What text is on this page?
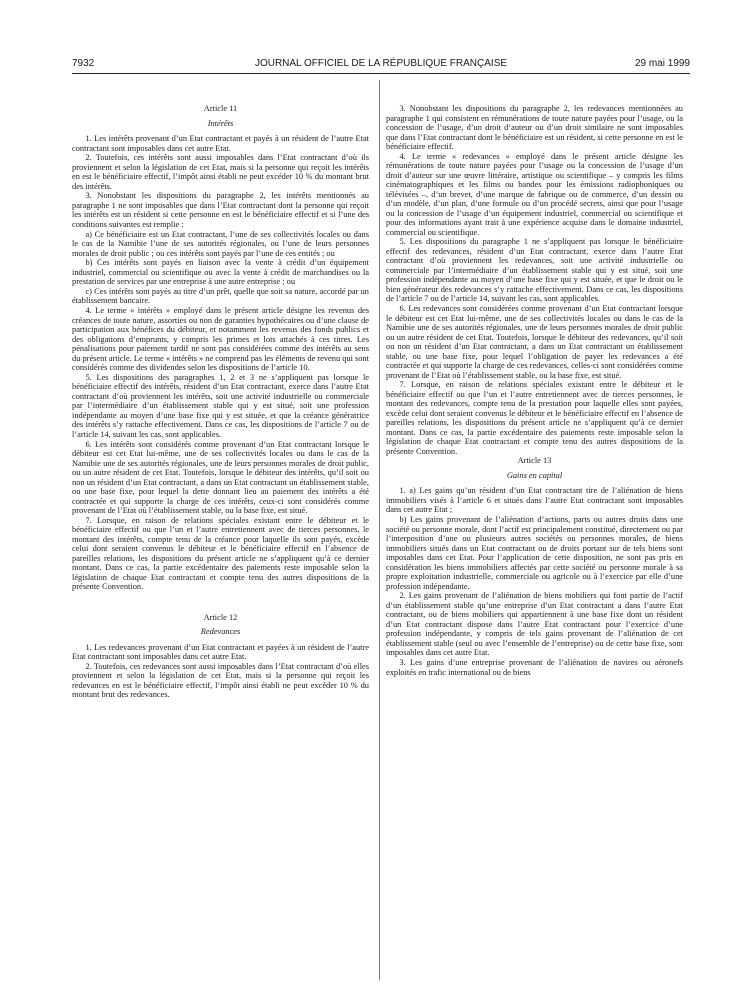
7932	JOURNAL OFFICIEL DE LA RÉPUBLIQUE FRANÇAISE	29 mai 1999
Article 11
Intérêts

1. Les intérêts provenant d’un Etat contractant et payés à un résident de l’autre Etat contractant sont imposables dans cet autre Etat.

2. Toutefois, ces intérêts sont aussi imposables dans l’Etat contractant d’où ils proviennent et selon la législation de cet Etat, mais si la personne qui reçoit les intérêts en est le bénéficiaire effectif, l’impôt ainsi établi ne peut excéder 10 % du montant brut des intérêts.

3. Nonobstant les dispositions du paragraphe 2, les intérêts mentionnés au paragraphe 1 ne sont imposables que dans l’Etat contractant dont la personne qui reçoit les intérêts est un résident si cette personne en est le bénéficiaire effectif et si l’une des conditions suivantes est remplie :

a) Ce bénéficiaire est un Etat contractant, l’une de ses collectivités locales ou dans le cas de la Namibie l’une de ses autorités régionales, ou l’une de leurs personnes morales de droit public ; ou ces intérêts sont payés par l’une de ces entités ; ou

b) Ces intérêts sont payés en liaison avec la vente à crédit d’un équipement industriel, commercial ou scientifique ou avec la vente à crédit de marchandises ou la prestation de services par une entreprise à une autre entreprise ; ou

c) Ces intérêts sont payés au titre d’un prêt, quelle que soit sa nature, accordé par un établissement bancaire.

4. Le terme « intérêts » employé dans le présent article désigne les revenus des créances de toute nature, assorties ou non de garanties hypothécaires ou d’une clause de participation aux bénéfices du débiteur, et notamment les revenus des fonds publics et des obligations d’emprunts, y compris les primes et lots attachés à ces titres. Les pénalisations pour paiement tardif ne sont pas considérées comme des intérêts au sens du présent article. Le terme « intérêts » ne comprend pas les éléments de revenu qui sont considérés comme des dividendes selon les dispositions de l’article 10.

5. Les dispositions des paragraphes 1, 2 et 3 ne s’appliquent pas lorsque le bénéficiaire effectif des intérêts, résident d’un Etat contractant, exerce dans l’autre Etat contractant d’où proviennent les intérêts, soit une activité industrielle ou commerciale par l’intermédiaire d’un établissement stable qui y est situé, soit une profession indépendante au moyen d’une base fixe qui y est située, et que la créance génératrice des intérêts s’y rattache effectivement. Dans ce cas, les dispositions de l’article 7 ou de l’article 14, suivant les cas, sont applicables.

6. Les intérêts sont considérés comme provenant d’un Etat contractant lorsque le débiteur est cet Etat lui-même, une de ses collectivités locales ou dans le cas de la Namibie une de ses autorités régionales, une de leurs personnes morales de droit public, ou un autre résident de cet Etat. Toutefois, lorsque le débiteur des intérêts, qu’il soit ou non un résident d’un Etat contractant, a dans un Etat contractant un établissement stable, ou une base fixe, pour lequel la dette donnant lieu au paiement des intérêts a été contractée et qui supporte la charge de ces intérêts, ceux-ci sont considérés comme provenant de l’Etat où l’établissement stable, ou la base fixe, est situé.

7. Lorsque, en raison de relations spéciales existant entre le débiteur et le bénéficiaire effectif ou que l’un et l’autre entretiennent avec de tierces personnes, le montant des intérêts, compte tenu de la créance pour laquelle ils sont payés, excède celui dont seraient convenus le débiteur et le bénéficiaire effectif en l’absence de pareilles relations, les dispositions du présent article ne s’appliquent qu’à ce dernier montant. Dans ce cas, la partie excédentaire des paiements reste imposable selon la législation de chaque Etat contractant et compte tenu des autres dispositions de la présente Convention.

Article 12
Redevances

1. Les redevances provenant d’un Etat contractant et payées à un résident de l’autre Etat contractant sont imposables dans cet autre Etat.

2. Toutefois, ces redevances sont aussi imposables dans l’Etat contractant d’où elles proviennent et selon la législation de cet Etat, mais si la personne qui reçoit les redevances en est le bénéficiaire effectif, l’impôt ainsi établi ne peut excéder 10 % du montant brut des redevances.

3. Nonobstant les dispositions du paragraphe 2, les redevances mentionnées au paragraphe 1 qui consistent en rémunérations de toute nature payées pour l’usage, ou la concession de l’usage, d’un droit d’auteur ou d’un droit similaire ne sont imposables que dans l’Etat contractant dont le bénéficiaire est un résident, si cette personne en est le bénéficiaire effectif.

4. Le terme « redevances » employé dans le présent article désigne les rémunérations de toute nature payées pour l’usage ou la concession de l’usage d’un droit d’auteur sur une œuvre littéraire, artistique ou scientifique – y compris les films cinématographiques et les films ou bandes pour les émissions radiophoniques ou télévisées –, d’un brevet, d’une marque de fabrique ou de commerce, d’un dessin ou d’un modèle, d’un plan, d’une formule ou d’un procédé secrets, ainsi que pour l’usage ou la concession de l’usage d’un équipement industriel, commercial ou scientifique et pour des informations ayant trait à une expérience acquise dans le domaine industriel, commercial ou scientifique.

5. Les dispositions du paragraphe 1 ne s’appliquent pas lorsque le bénéficiaire effectif des redevances, résident d’un Etat contractant, exerce dans l’autre Etat contractant d’où proviennent les redevances, soit une activité industrielle ou commerciale par l’intermédiaire d’un établissement stable qui y est situé, soit une profession indépendante au moyen d’une base fixe qui y est située, et que le droit ou le bien générateur des redevances s’y rattache effectivement. Dans ce cas, les dispositions de l’article 7 ou de l’article 14, suivant les cas, sont applicables.

6. Les redevances sont considérées comme provenant d’un Etat contractant lorsque le débiteur est cet Etat lui-même, une de ses collectivités locales ou dans le cas de la Namibie une de ses autorités régionales, une de leurs personnes morales de droit public ou un autre résident de cet Etat. Toutefois, lorsque le débiteur des redevances, qu’il soit ou non un résident d’un Etat contractant, a dans un Etat contractant un établissement stable, ou une base fixe, pour lequel l’obligation de payer les redevances a été contractée et qui supporte la charge de ces redevances, celles-ci sont considérées comme provenant de l’Etat où l’établissement stable, ou la base fixe, est situé.

7. Lorsque, en raison de relations spéciales existant entre le débiteur et le bénéficiaire effectif ou que l’un et l’autre entretiennent avec de tierces personnes, le montant des redevances, compte tenu de la prestation pour laquelle elles sont payées, excède celui dont seraient convenus le débiteur et le bénéficiaire effectif en l’absence de pareilles relations, les dispositions du présent article ne s’appliquent qu’à ce dernier montant. Dans ce cas, la partie excédentaire des paiements reste imposable selon la législation de chaque Etat contractant et compte tenu des autres dispositions de la présente Convention.

Article 13
Gains en capital

1. a) Les gains qu’un résident d’un Etat contractant tire de l’aliénation de biens immobiliers visés à l’article 6 et situés dans l’autre Etat contractant sont imposables dans cet autre Etat ;

b) Les gains provenant de l’aliénation d’actions, parts ou autres droits dans une société ou personne morale, dont l’actif est principalement constitué, directement ou par l’interposition d’une ou plusieurs autres sociétés ou personnes morales, de biens immobiliers situés dans un Etat contractant ou de droits portant sur de tels biens sont imposables dans cet Etat. Pour l’application de cette disposition, ne sont pas pris en considération les biens immobiliers affectés par cette société ou personne morale à sa propre exploitation industrielle, commerciale ou agricole ou à l’exercice par elle d’une profession indépendante.

2. Les gains provenant de l’aliénation de biens mobiliers qui font partie de l’actif d’un établissement stable qu’une entreprise d’un Etat contractant a dans l’autre Etat contractant, ou de biens mobiliers qui appartiennent à une base fixe dont un résident d’un Etat contractant dispose dans l’autre Etat contractant pour l’exercice d’une profession indépendante, y compris de tels gains provenant de l’aliénation de cet établissement stable (seul ou avec l’ensemble de l’entreprise) ou de cette base fixe, sont imposables dans cet autre Etat.

3. Les gains d’une entreprise provenant de l’aliénation de navires ou aéronefs exploités en trafic international ou de biens
